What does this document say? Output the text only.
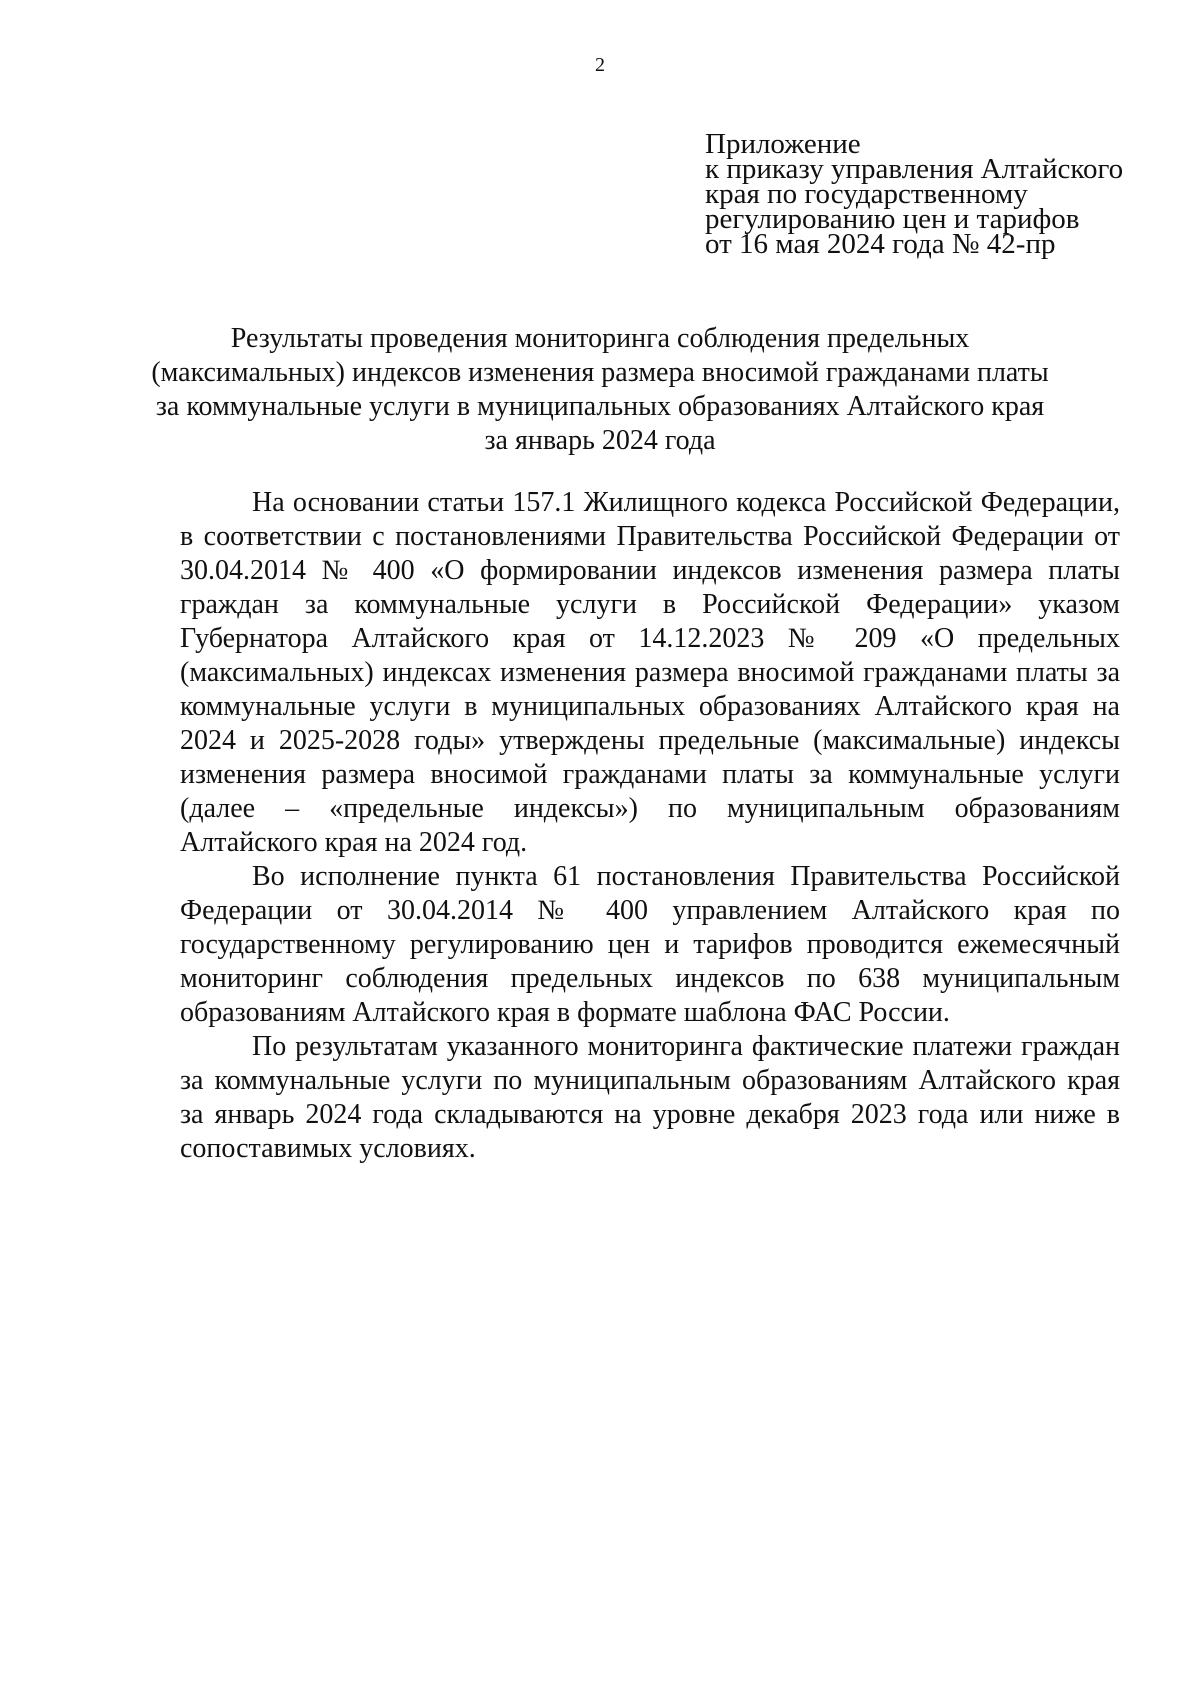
2
Приложение
к приказу управления Алтайского
края по государственному
регулированию цен и тарифов
от 16 мая 2024 года № 42-пр
Результаты проведения мониторинга соблюдения предельных
(максимальных) индексов изменения размера вносимой гражданами платы
за коммунальные услуги в муниципальных образованиях Алтайского края
за январь 2024 года

На основании статьи 157.1 Жилищного кодекса Российской Федерации, в соответствии с постановлениями Правительства Российской Федерации от 30.04.2014 № 400 «О формировании индексов изменения размера платы граждан за коммунальные услуги в Российской Федерации» указом Губернатора Алтайского края от 14.12.2023 № 209 «О предельных (максимальных) индексах изменения размера вносимой гражданами платы за коммунальные услуги в муниципальных образованиях Алтайского края на 2024 и 2025-2028 годы» утверждены предельные (максимальные) индексы изменения размера вносимой гражданами платы за коммунальные услуги (далее – «предельные индексы») по муниципальным образованиям Алтайского края на 2024 год.

Во исполнение пункта 61 постановления Правительства Российской Федерации от 30.04.2014 № 400 управлением Алтайского края по государственному регулированию цен и тарифов проводится ежемесячный мониторинг соблюдения предельных индексов по 638 муниципальным образованиям Алтайского края в формате шаблона ФАС России.

По результатам указанного мониторинга фактические платежи граждан за коммунальные услуги по муниципальным образованиям Алтайского края за январь 2024 года складываются на уровне декабря 2023 года или ниже в сопоставимых условиях.
